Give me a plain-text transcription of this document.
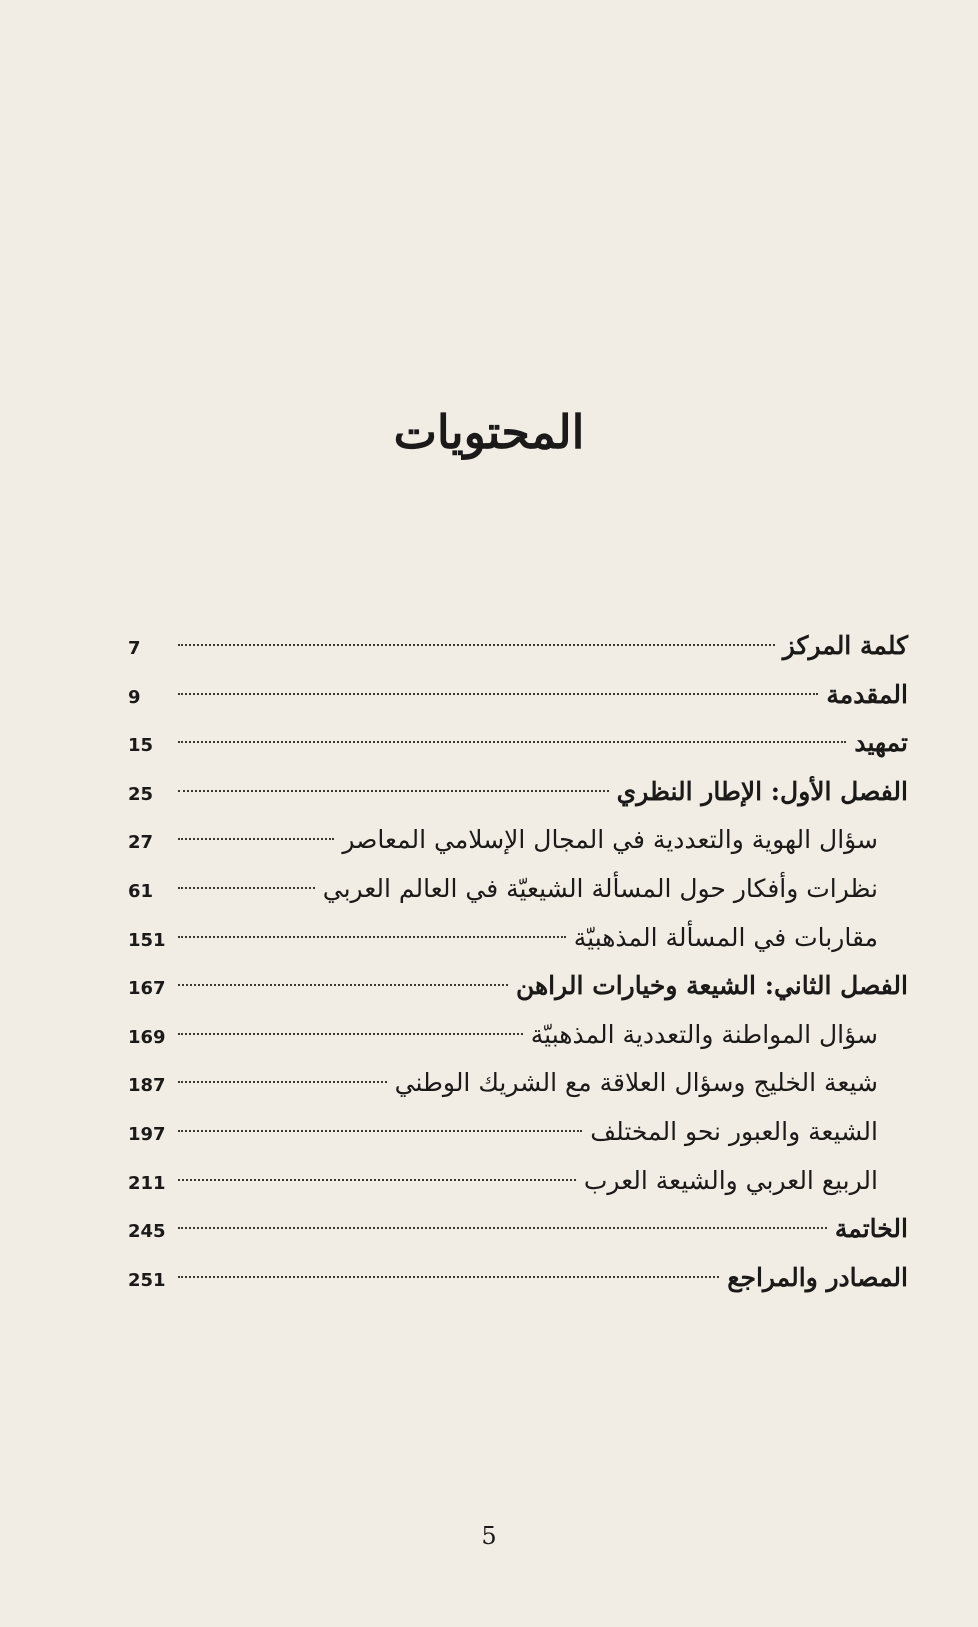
المحتويات
كلمة المركز
7
المقدمة
9
تمهيد
15
الفصل الأول: الإطار النظري
25
سؤال الهوية والتعددية في المجال الإسلامي المعاصر
27
نظرات وأفكار حول المسألة الشيعيّة في العالم العربي
61
مقاربات في المسألة المذهبيّة
151
الفصل الثاني: الشيعة وخيارات الراهن
167
سؤال المواطنة والتعددية المذهبيّة
169
شيعة الخليج وسؤال العلاقة مع الشريك الوطني
187
الشيعة والعبور نحو المختلف
197
الربيع العربي والشيعة العرب
211
الخاتمة
245
المصادر والمراجع
251
5
